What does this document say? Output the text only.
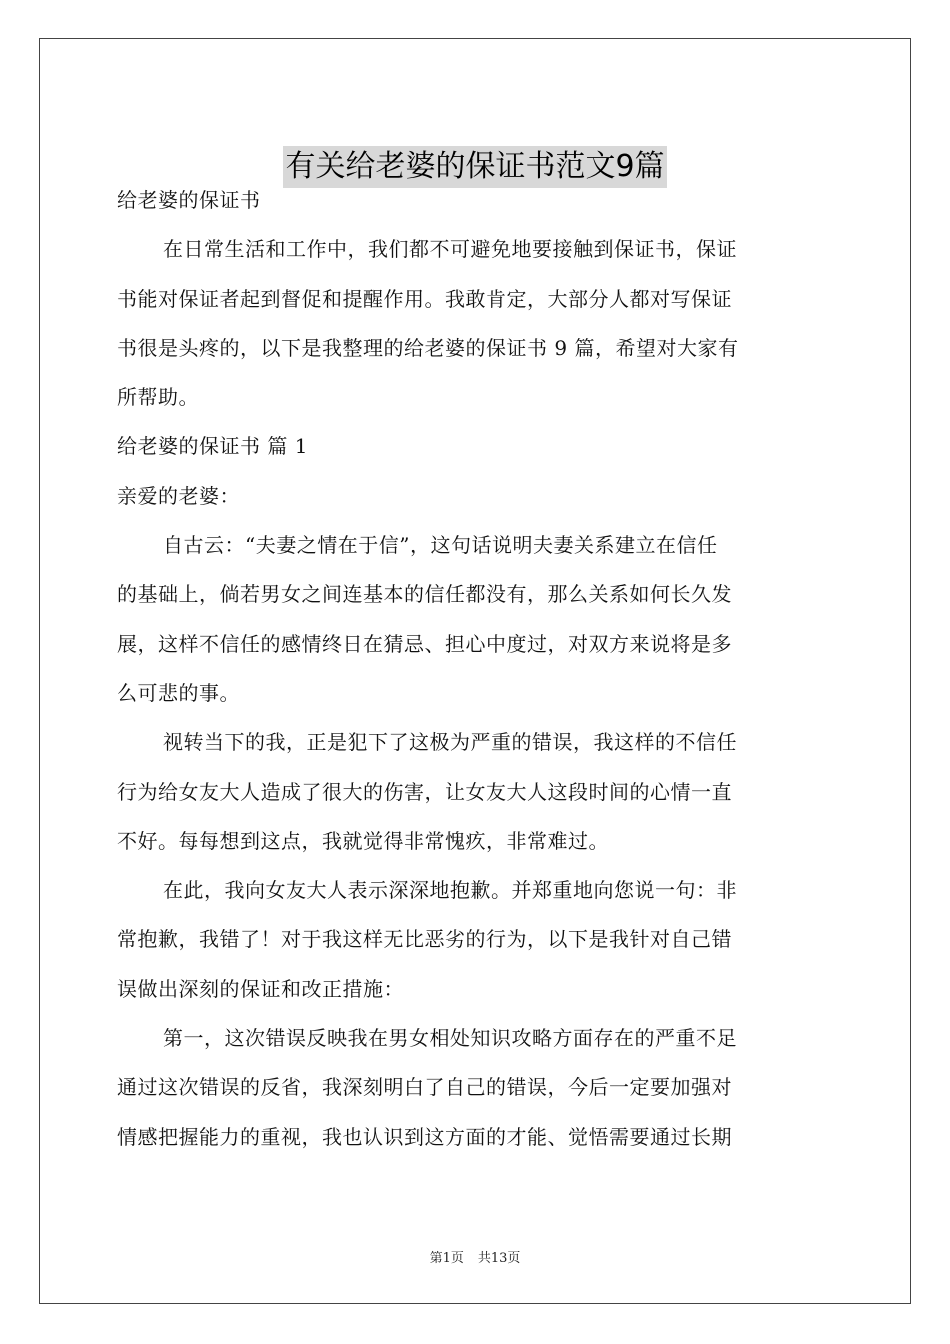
有关给老婆的保证书范文9篇
给老婆的保证书
在日常生活和工作中，我们都不可避免地要接触到保证书，保证
书能对保证者起到督促和提醒作用。我敢肯定，大部分人都对写保证
书很是头疼的，以下是我整理的给老婆的保证书 9 篇，希望对大家有
所帮助。
给老婆的保证书 篇 1
亲爱的老婆：
自古云：“夫妻之情在于信”，这句话说明夫妻关系建立在信任
的基础上，倘若男女之间连基本的信任都没有，那么关系如何长久发
展，这样不信任的感情终日在猜忌、担心中度过，对双方来说将是多
么可悲的事。
视转当下的我，正是犯下了这极为严重的错误，我这样的不信任
行为给女友大人造成了很大的伤害，让女友大人这段时间的心情一直
不好。每每想到这点，我就觉得非常愧疚，非常难过。
在此，我向女友大人表示深深地抱歉。并郑重地向您说一句：非
常抱歉，我错了！对于我这样无比恶劣的行为，以下是我针对自己错
误做出深刻的保证和改正措施：
第一，这次错误反映我在男女相处知识攻略方面存在的严重不足
通过这次错误的反省，我深刻明白了自己的错误，今后一定要加强对
情感把握能力的重视，我也认识到这方面的才能、觉悟需要通过长期
第1页 共13页
